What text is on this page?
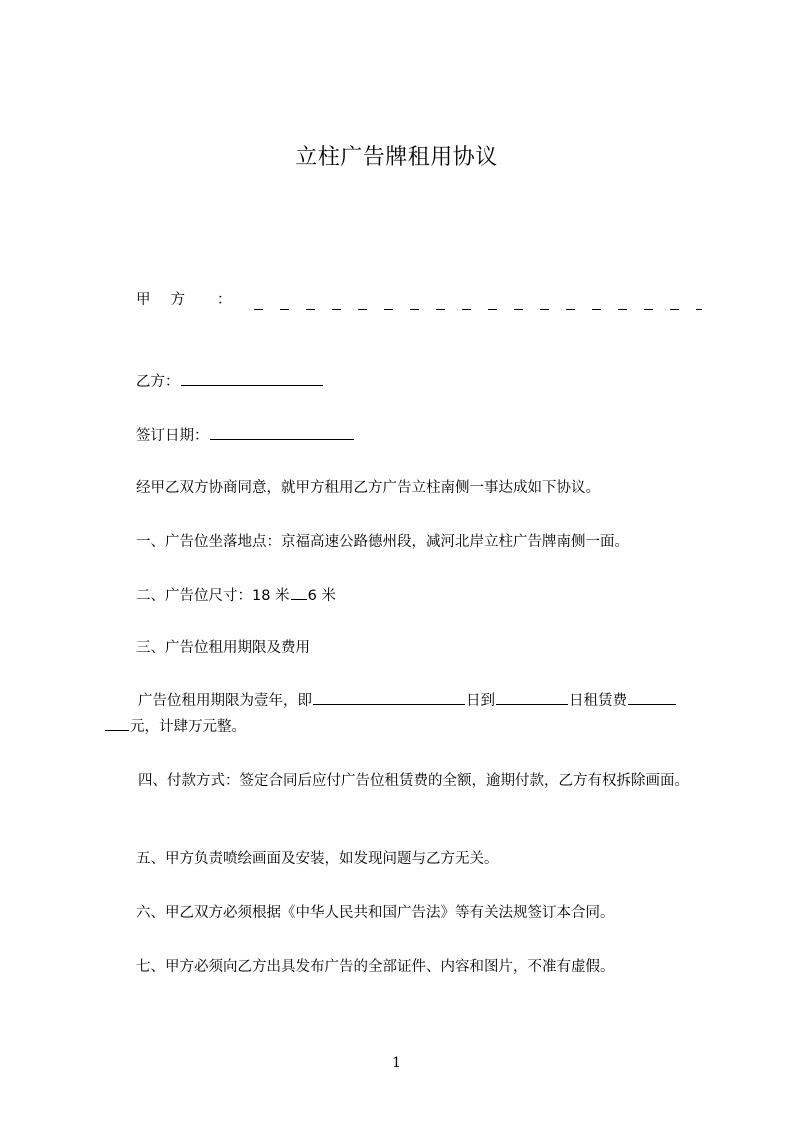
立柱广告牌租用协议
甲方 ：
乙方：
签订日期：
经甲乙双方协商同意，就甲方租用乙方广告立柱南侧一事达成如下协议。
一、广告位坐落地点：京福高速公路德州段，减河北岸立柱广告牌南侧一面。
二、广告位尺寸：18 米 6 米
三、广告位租用期限及费用
广告位租用期限为壹年，即	日到	日租赁费
元，计肆万元整。
四、付款方式：签定合同后应付广告位租赁费的全额，逾期付款，乙方有权拆除画面。
五、甲方负责喷绘画面及安装，如发现问题与乙方无关。
六、甲乙双方必须根据《中华人民共和国广告法》等有关法规签订本合同。
七、甲方必须向乙方出具发布广告的全部证件、内容和图片，不准有虚假。
1
